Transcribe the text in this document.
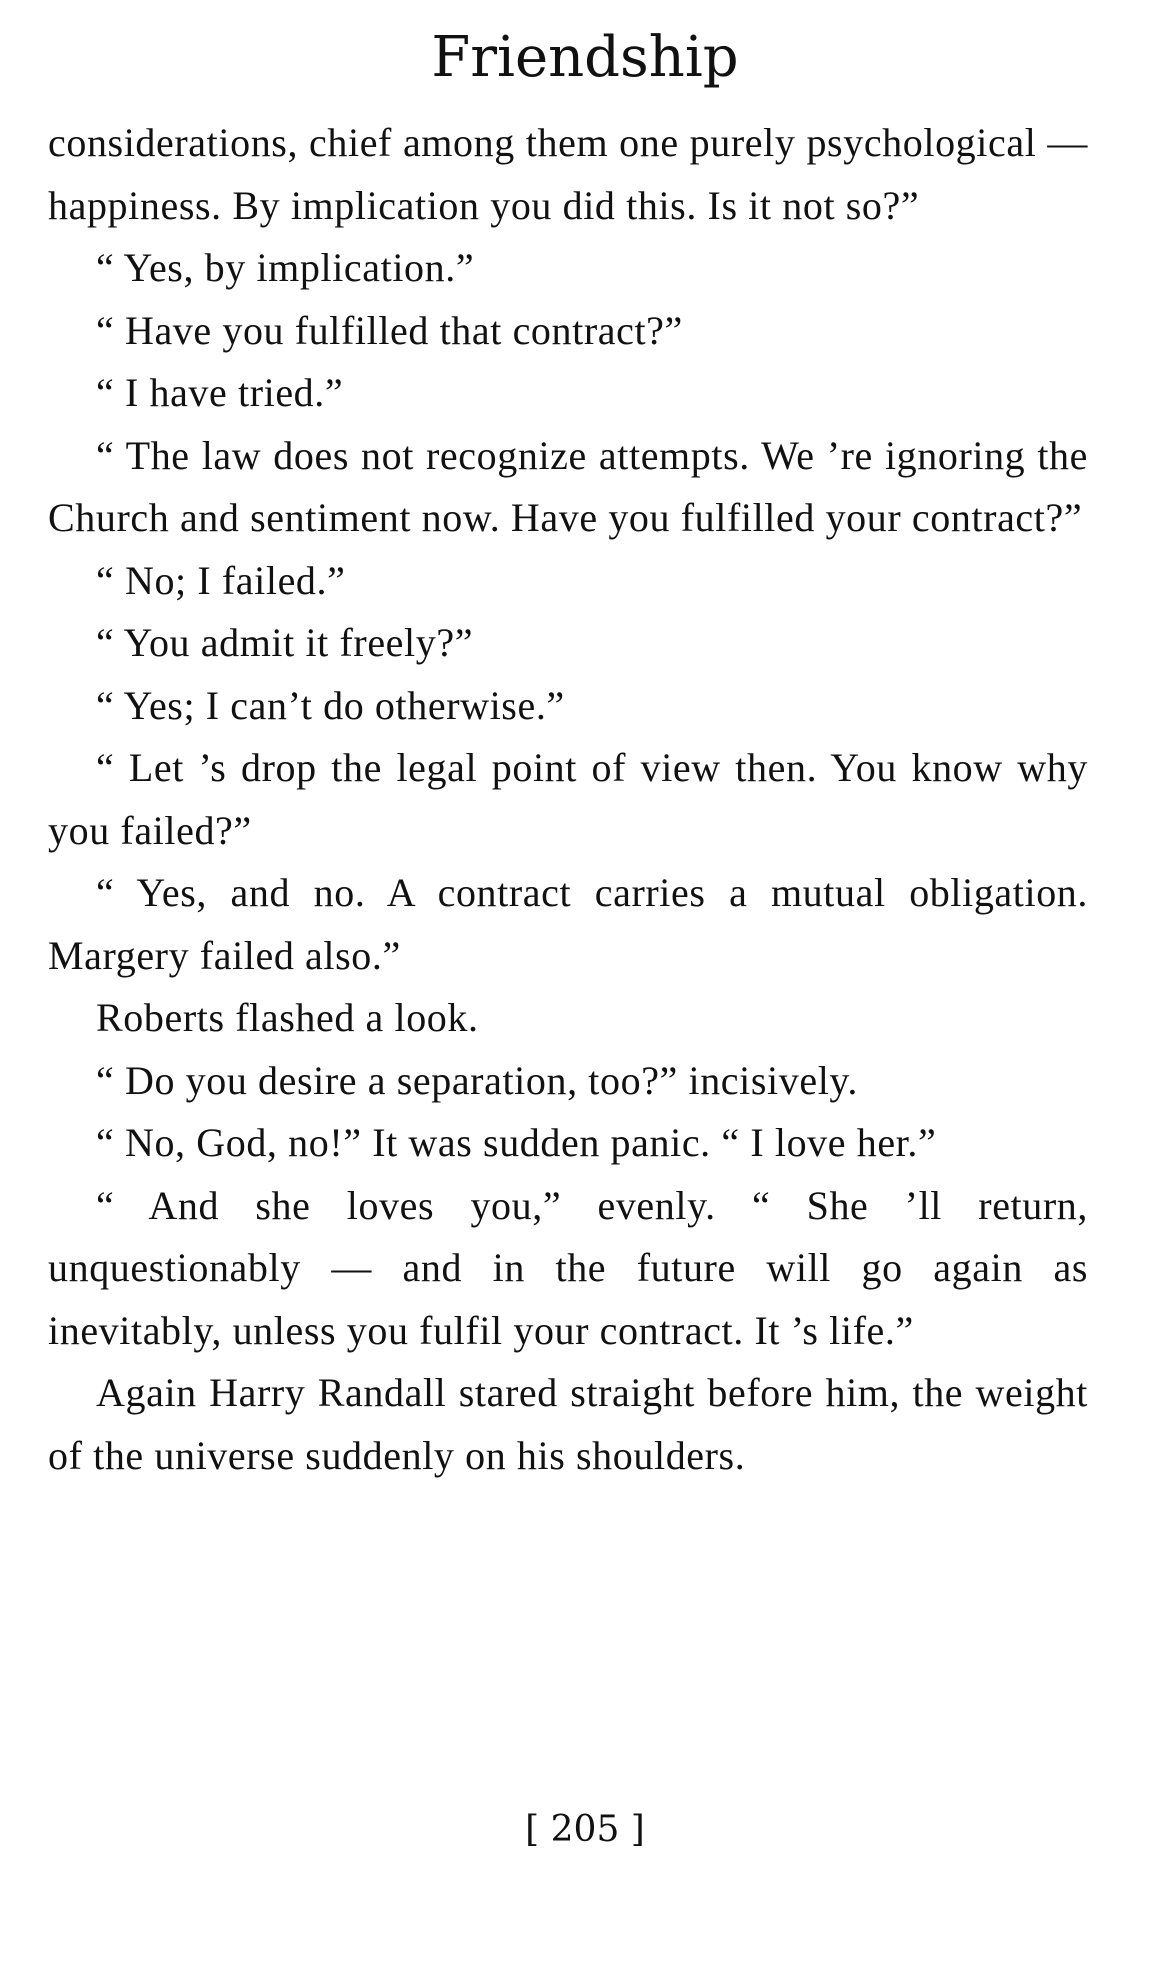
Friendship

considerations, chief among them one purely psychological — happiness. By implication you did this. Is it not so?”

“ Yes, by implication.”

“ Have you fulfilled that contract?”

“ I have tried.”

“ The law does not recognize attempts. We ’re ignoring the Church and sentiment now. Have you fulfilled your contract?”

“ No; I failed.”

“ You admit it freely?”

“ Yes; I can’t do otherwise.”

“ Let ’s drop the legal point of view then. You know why you failed?”

“ Yes, and no. A contract carries a mutual obligation. Margery failed also.”

Roberts flashed a look.

“ Do you desire a separation, too?” incisively.

“ No, God, no!” It was sudden panic. “ I love her.”

“ And she loves you,” evenly. “ She ’ll return, unquestionably — and in the future will go again as inevitably, unless you fulfil your contract. It ’s life.”

Again Harry Randall stared straight before him, the weight of the universe suddenly on his shoulders.

[ 205 ]
